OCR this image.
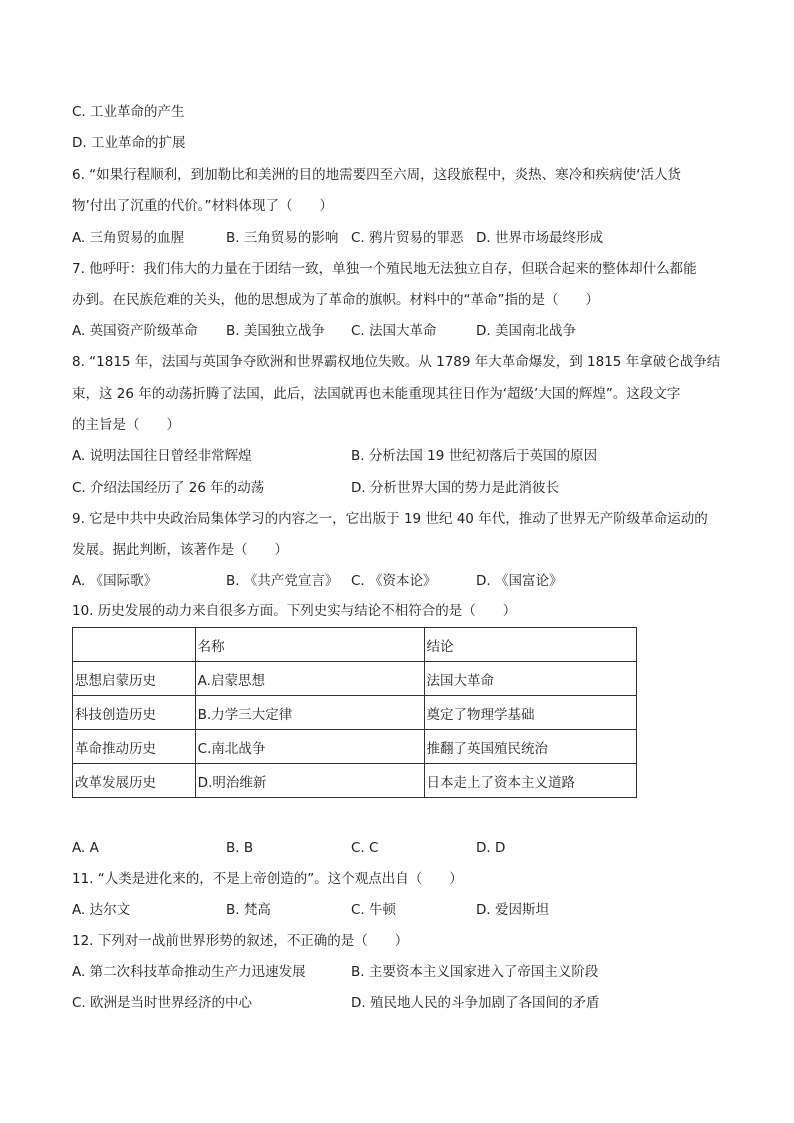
C. 工业革命的产生
D. 工业革命的扩展
6. “如果行程顺利，到加勒比和美洲的目的地需要四至六周，这段旅程中，炎热、寒冷和疾病使‘活人货
物’付出了沉重的代价。”材料体现了（　　）
A. 三角贸易的血腥	B. 三角贸易的影响 C. 鸦片贸易的罪恶 D. 世界市场最终形成
7. 他呼吁：我们伟大的力量在于团结一致，单独一个殖民地无法独立自存，但联合起来的整体却什么都能
办到。在民族危难的关头，他的思想成为了革命的旗帜。材料中的“革命”指的是（　　）
A. 英国资产阶级革命 B. 美国独立战争 C. 法国大革命	D. 美国南北战争
8. “1815 年，法国与英国争夺欧洲和世界霸权地位失败。从 1789 年大革命爆发，到 1815 年拿破仑战争结
束，这 26 年的动荡折腾了法国，此后，法国就再也未能重现其往日作为‘超级’大国的辉煌”。这段文字
的主旨是（　　）
A. 说明法国往日曾经非常辉煌	B. 分析法国 19 世纪初落后于英国的原因
C. 介绍法国经历了 26 年的动荡	D. 分析世界大国的势力是此消彼长
9. 它是中共中央政治局集体学习的内容之一，它出版于 19 世纪 40 年代，推动了世界无产阶级革命运动的
发展。据此判断，该著作是（　　）
A. 《国际歌》	B. 《共产党宣言》 C. 《资本论》	D. 《国富论》
10. 历史发展的动力来自很多方面。下列史实与结论不相符合的是（　　）
	名称	结论
思想启蒙历史	A.启蒙思想	法国大革命
科技创造历史	B.力学三大定律	奠定了物理学基础
革命推动历史	C.南北战争	推翻了英国殖民统治
改革发展历史	D.明治维新	日本走上了资本主义道路
A. A	B. B	C. C	D. D
11. “人类是进化来的，不是上帝创造的”。这个观点出自（　　）
A. 达尔文	B. 梵高	C. 牛顿	D. 爱因斯坦
12. 下列对一战前世界形势的叙述，不正确的是（　　）
A. 第二次科技革命推动生产力迅速发展	B. 主要资本主义国家进入了帝国主义阶段
C. 欧洲是当时世界经济的中心	D. 殖民地人民的斗争加剧了各国间的矛盾
